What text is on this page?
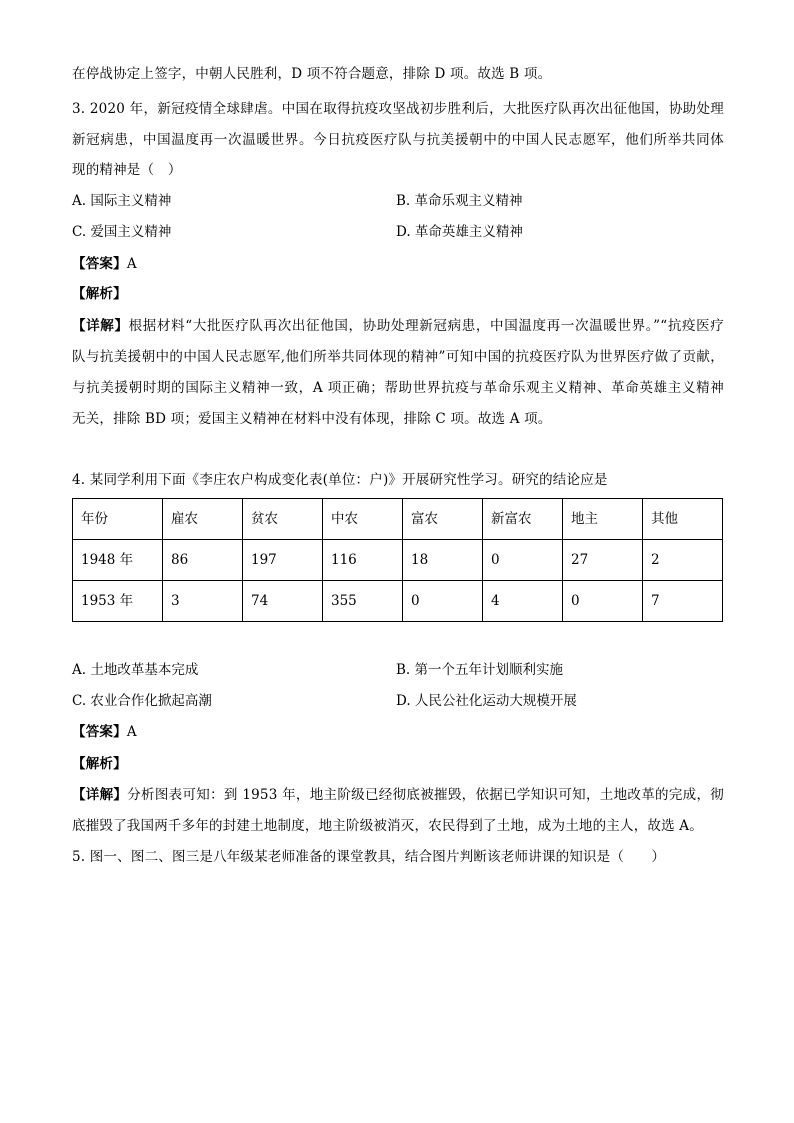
在停战协定上签字，中朝人民胜利，D 项不符合题意，排除 D 项。故选 B 项。
3. 2020 年，新冠疫情全球肆虐。中国在取得抗疫攻坚战初步胜利后，大批医疗队再次出征他国，协助处理
新冠病患，中国温度再一次温暖世界。今日抗疫医疗队与抗美援朝中的中国人民志愿军，他们所举共同体
现的精神是（　）
A. 国际主义精神	B. 革命乐观主义精神
C. 爱国主义精神	D. 革命英雄主义精神
【答案】A
【解析】
【详解】根据材料“大批医疗队再次出征他国，协助处理新冠病患，中国温度再一次温暖世界。”“抗疫医疗
队与抗美援朝中的中国人民志愿军,他们所举共同体现的精神”可知中国的抗疫医疗队为世界医疗做了贡献，
与抗美援朝时期的国际主义精神一致，A 项正确；帮助世界抗疫与革命乐观主义精神、革命英雄主义精神
无关，排除 BD 项；爱国主义精神在材料中没有体现，排除 C 项。故选 A 项。
4. 某同学利用下面《李庄农户构成变化表(单位：户)》开展研究性学习。研究的结论应是
年份	雇农	贫农	中农	富农	新富农	地主	其他
1948 年	86	197	116	18	0	27	2
1953 年	3	74	355	0	4	0	7
A. 土地改革基本完成	B. 第一个五年计划顺利实施
C. 农业合作化掀起高潮	D. 人民公社化运动大规模开展
【答案】A
【解析】
【详解】分析图表可知：到 1953 年，地主阶级已经彻底被摧毁，依据已学知识可知，土地改革的完成，彻
底摧毁了我国两千多年的封建土地制度，地主阶级被消灭，农民得到了土地，成为土地的主人，故选 A。
5. 图一、图二、图三是八年级某老师准备的课堂教具，结合图片判断该老师讲课的知识是（　　）
